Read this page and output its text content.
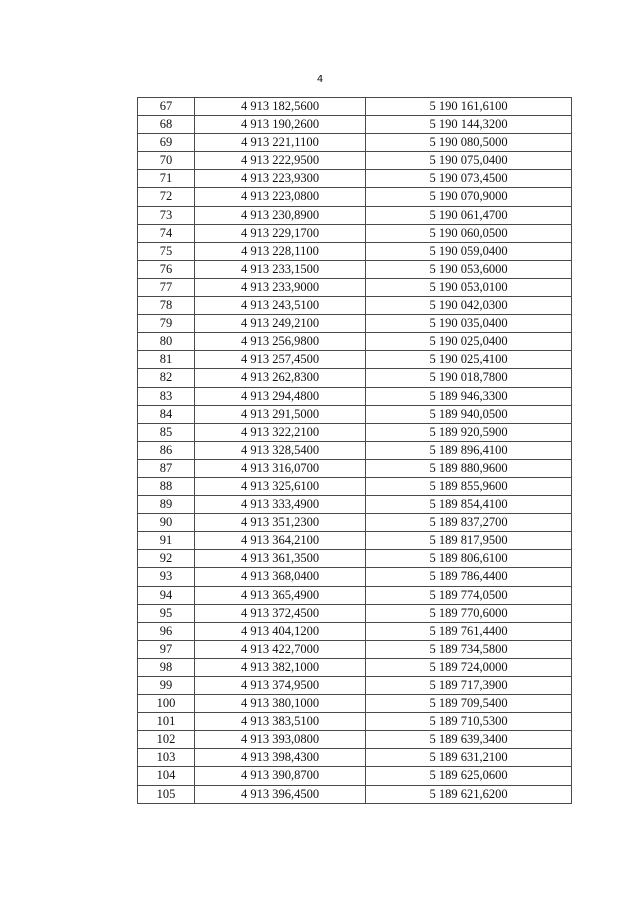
4
67	4 913 182,5600	5 190 161,6100
68	4 913 190,2600	5 190 144,3200
69	4 913 221,1100	5 190 080,5000
70	4 913 222,9500	5 190 075,0400
71	4 913 223,9300	5 190 073,4500
72	4 913 223,0800	5 190 070,9000
73	4 913 230,8900	5 190 061,4700
74	4 913 229,1700	5 190 060,0500
75	4 913 228,1100	5 190 059,0400
76	4 913 233,1500	5 190 053,6000
77	4 913 233,9000	5 190 053,0100
78	4 913 243,5100	5 190 042,0300
79	4 913 249,2100	5 190 035,0400
80	4 913 256,9800	5 190 025,0400
81	4 913 257,4500	5 190 025,4100
82	4 913 262,8300	5 190 018,7800
83	4 913 294,4800	5 189 946,3300
84	4 913 291,5000	5 189 940,0500
85	4 913 322,2100	5 189 920,5900
86	4 913 328,5400	5 189 896,4100
87	4 913 316,0700	5 189 880,9600
88	4 913 325,6100	5 189 855,9600
89	4 913 333,4900	5 189 854,4100
90	4 913 351,2300	5 189 837,2700
91	4 913 364,2100	5 189 817,9500
92	4 913 361,3500	5 189 806,6100
93	4 913 368,0400	5 189 786,4400
94	4 913 365,4900	5 189 774,0500
95	4 913 372,4500	5 189 770,6000
96	4 913 404,1200	5 189 761,4400
97	4 913 422,7000	5 189 734,5800
98	4 913 382,1000	5 189 724,0000
99	4 913 374,9500	5 189 717,3900
100	4 913 380,1000	5 189 709,5400
101	4 913 383,5100	5 189 710,5300
102	4 913 393,0800	5 189 639,3400
103	4 913 398,4300	5 189 631,2100
104	4 913 390,8700	5 189 625,0600
105	4 913 396,4500	5 189 621,6200
